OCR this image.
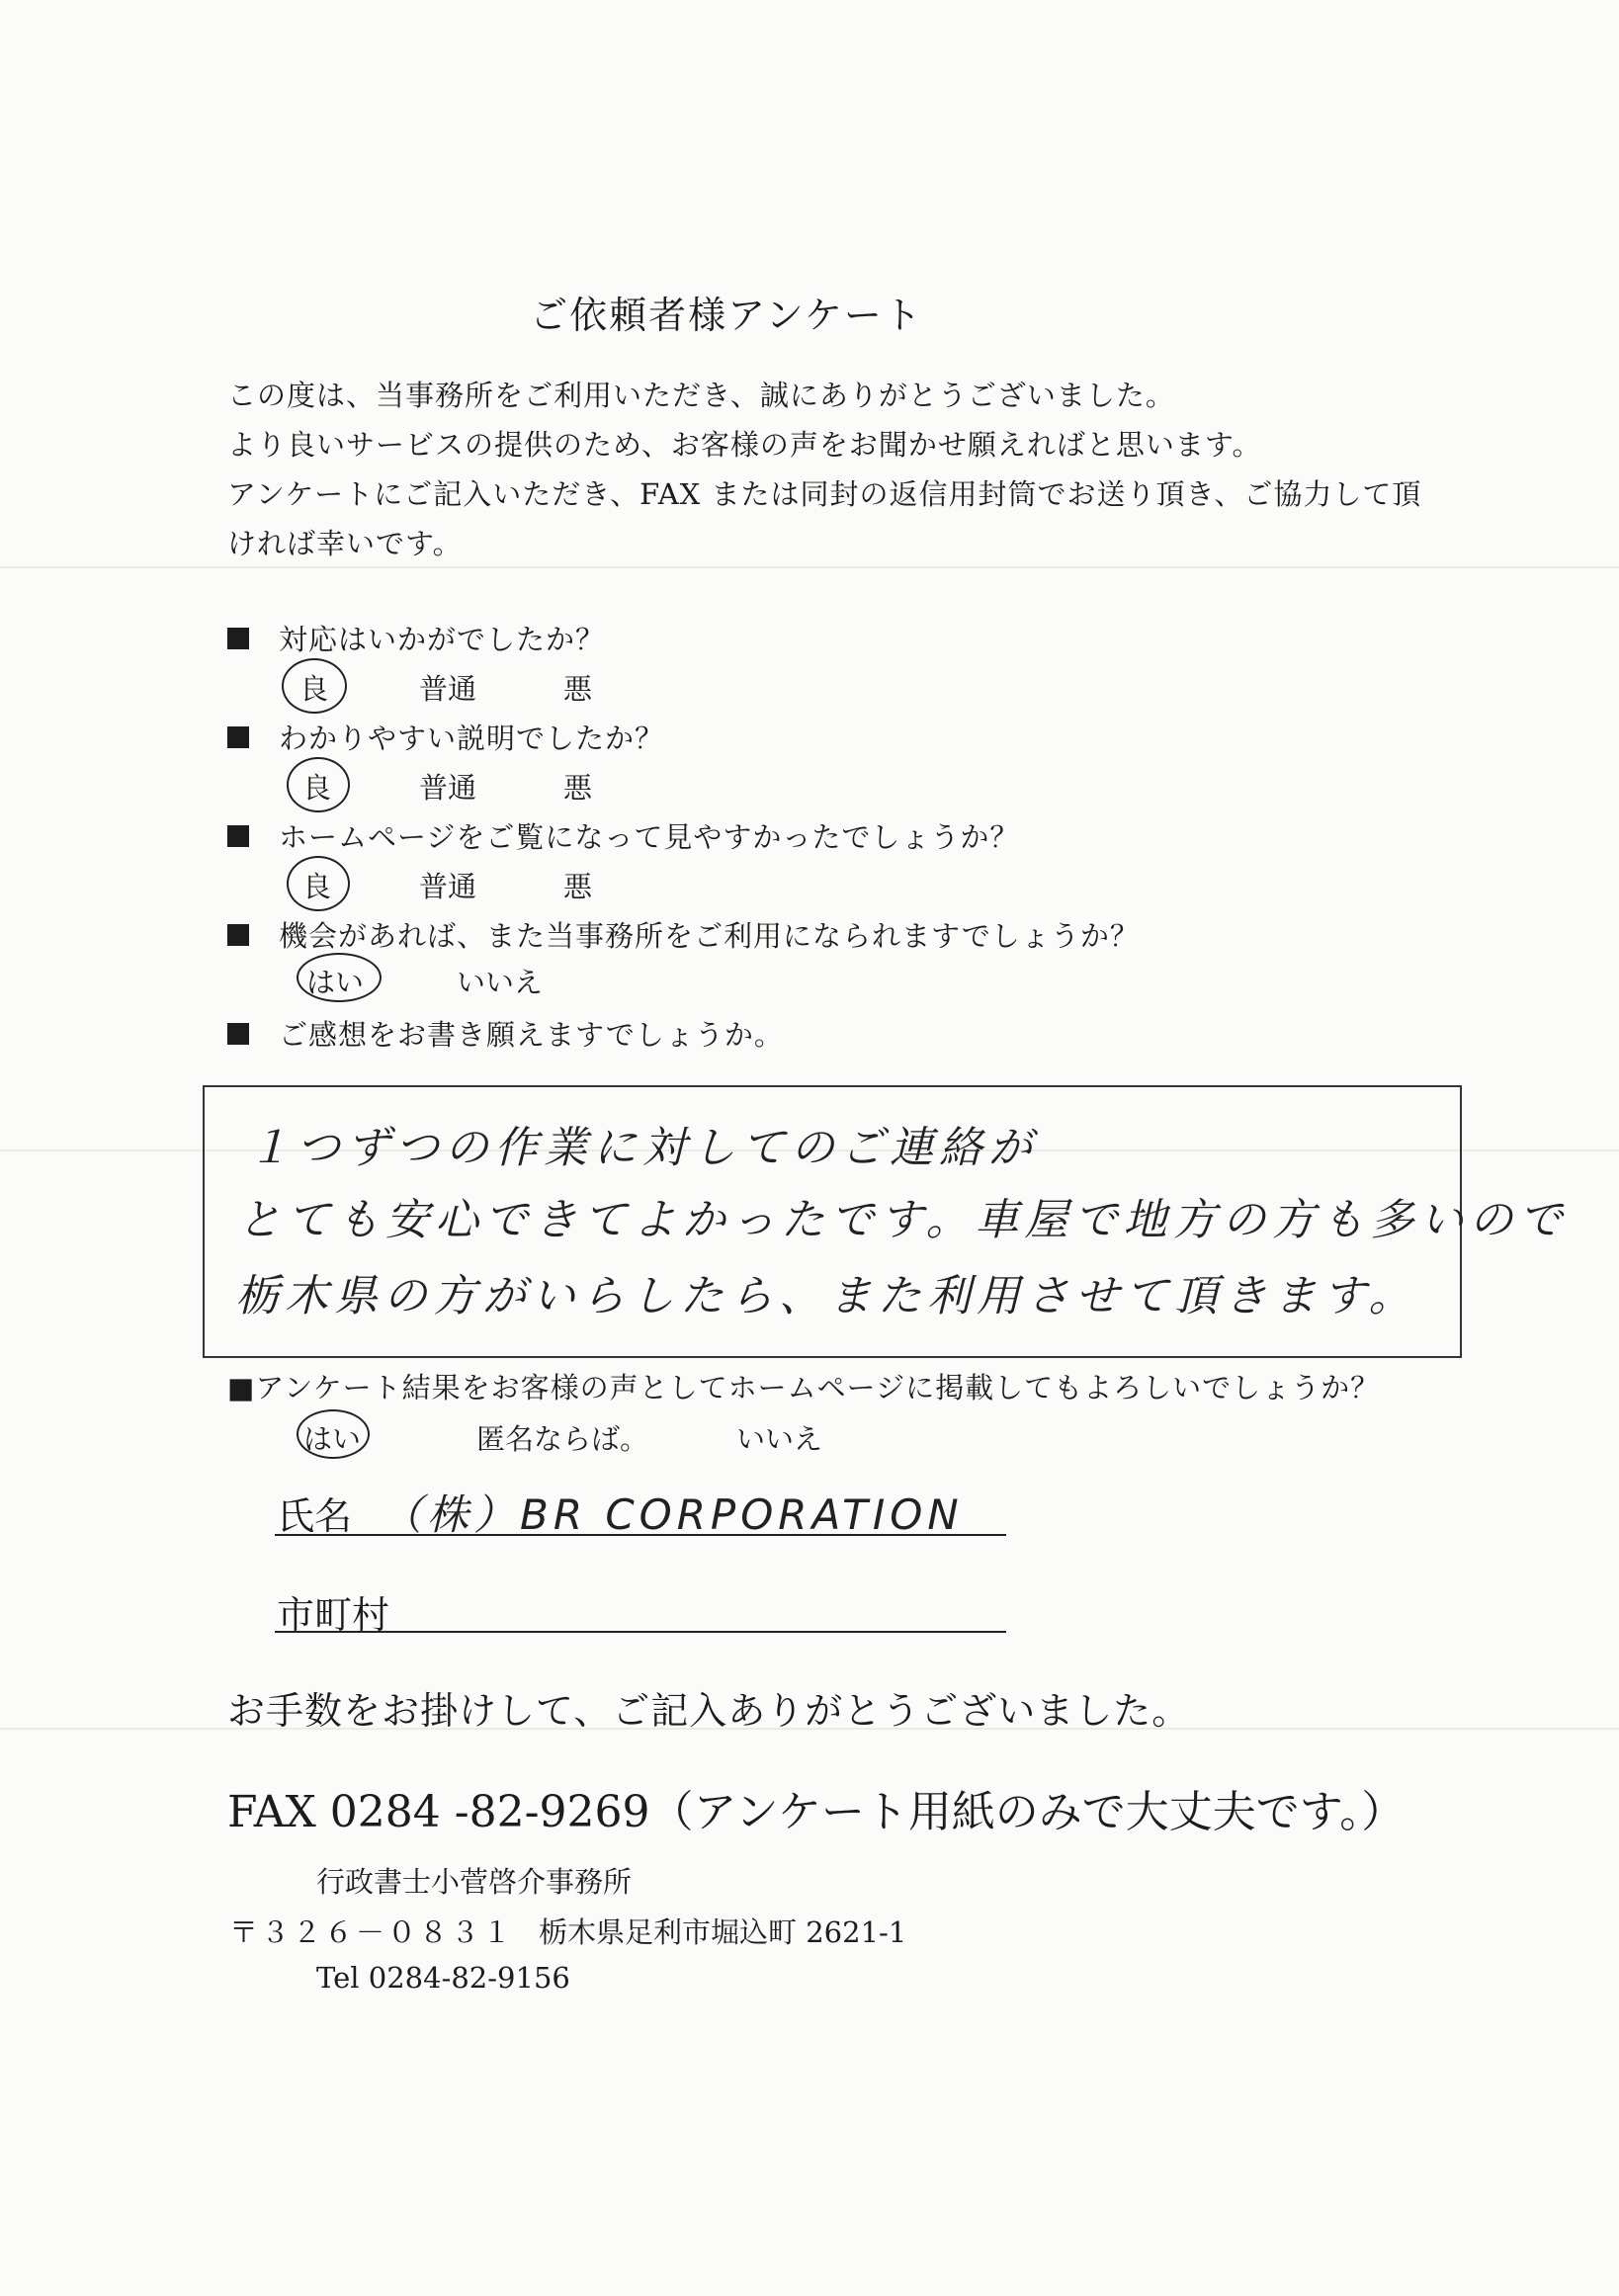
ご依頼者様アンケート
この度は、当事務所をご利用いただき、誠にありがとうございました。
より良いサービスの提供のため、お客様の声をお聞かせ願えればと思います。
アンケートにご記入いただき、FAX または同封の返信用封筒でお送り頂き、ご協力して頂
ければ幸いです。
対応はいかがでしたか？
良	普通	悪
わかりやすい説明でしたか？
良	普通	悪
ホームページをご覧になって見やすかったでしょうか？
良	普通	悪
機会があれば、また当事務所をご利用になられますでしょうか？
はい	いいえ
ご感想をお書き願えますでしょうか。
１つずつの作業に対してのご連絡が
とても安心できてよかったです。車屋で地方の方も多いので
栃木県の方がいらしたら、また利用させて頂きます。
■アンケート結果をお客様の声としてホームページに掲載してもよろしいでしょうか？
はい	匿名ならば。	いいえ
氏名 （株）BR CORPORATION
市町村
お手数をお掛けして、ご記入ありがとうございました。
FAX 0284 -82-9269（アンケート用紙のみで大丈夫です。）
行政書士小菅啓介事務所
〒３２６－０８３１ 栃木県足利市堀込町 2621-1
Tel 0284-82-9156
